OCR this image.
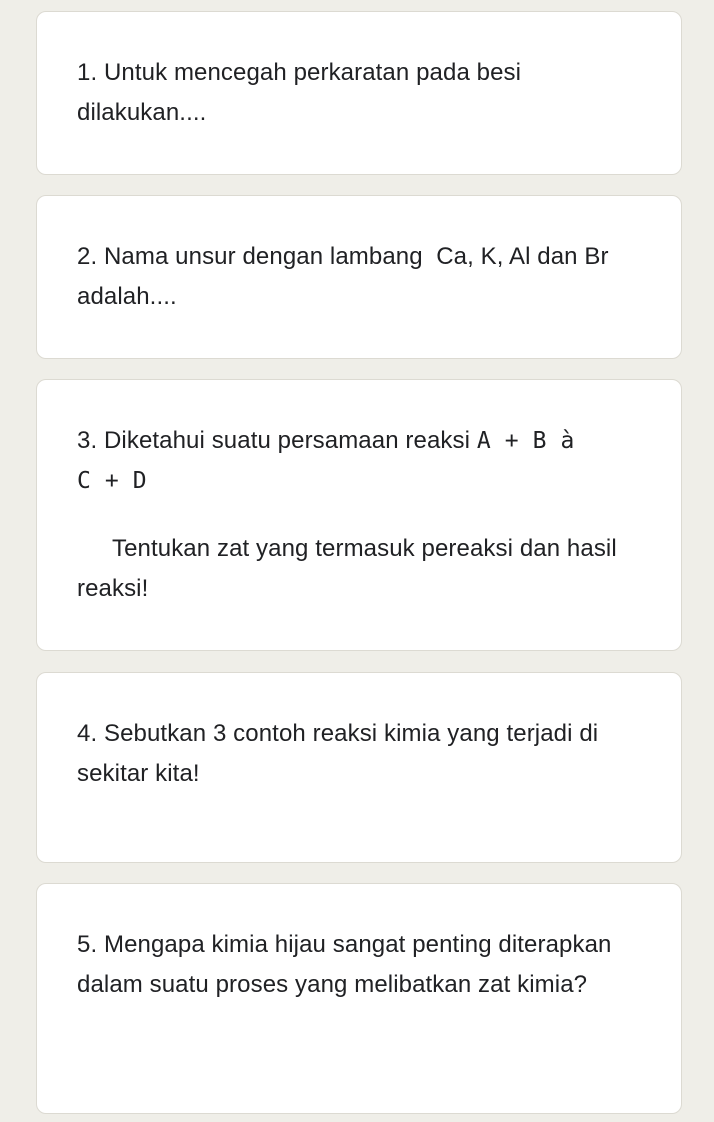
1. Untuk mencegah perkaratan pada besi dilakukan....

2. Nama unsur dengan lambang  Ca, K, Al dan Br adalah....

3. Diketahui suatu persamaan reaksi A + B à
C + D

Tentukan zat yang termasuk pereaksi dan hasil reaksi!

4. Sebutkan 3 contoh reaksi kimia yang terjadi di sekitar kita!

5. Mengapa kimia hijau sangat penting diterapkan dalam suatu proses yang melibatkan zat kimia?
